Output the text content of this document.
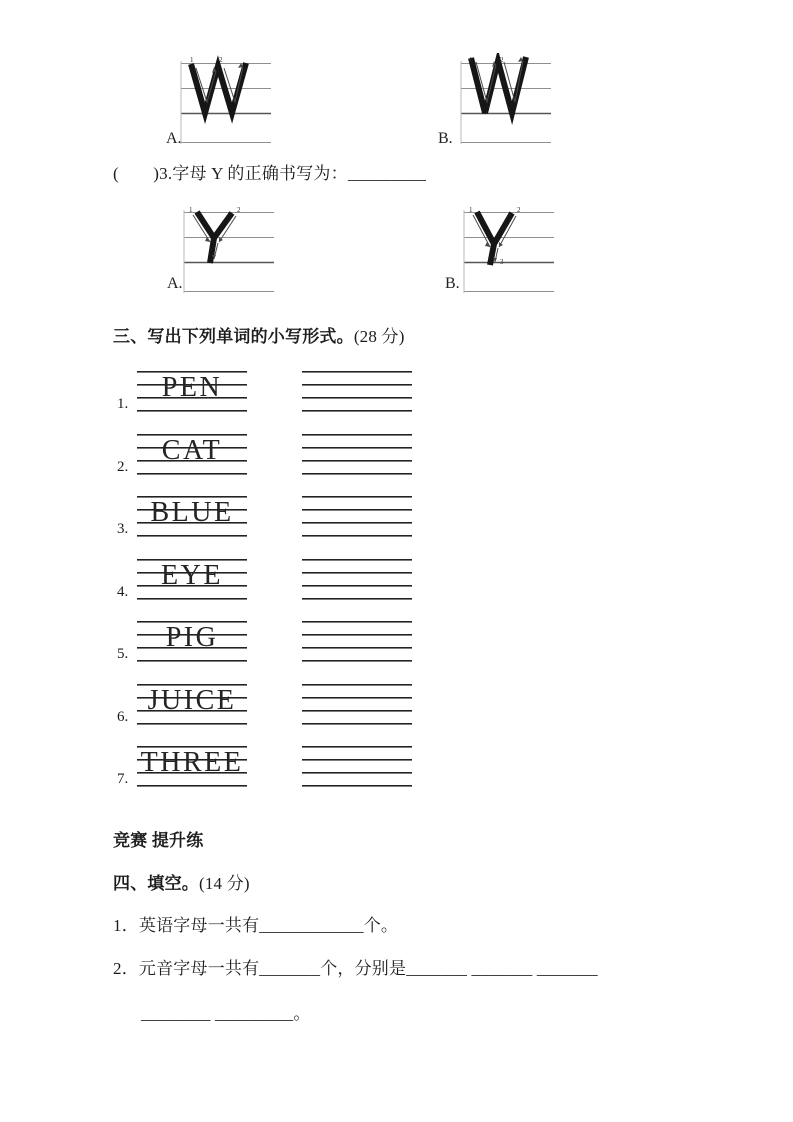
1	2
A.
1	2
B.
(　　)3.字母 Y 的正确书写为：_________
1	2
A.
1	2
3
B.
三、写出下列单词的小写形式。(28 分)
1.
PEN
2.
CAT
3.
BLUE
4.
EYE
5.
PIG
6.
JUICE
7.
THREE
竞赛 提升练
四、填空。(14 分)
1．英语字母一共有____________个。
2．元音字母一共有_______个，分别是_______ _______ _______
________ _________。
